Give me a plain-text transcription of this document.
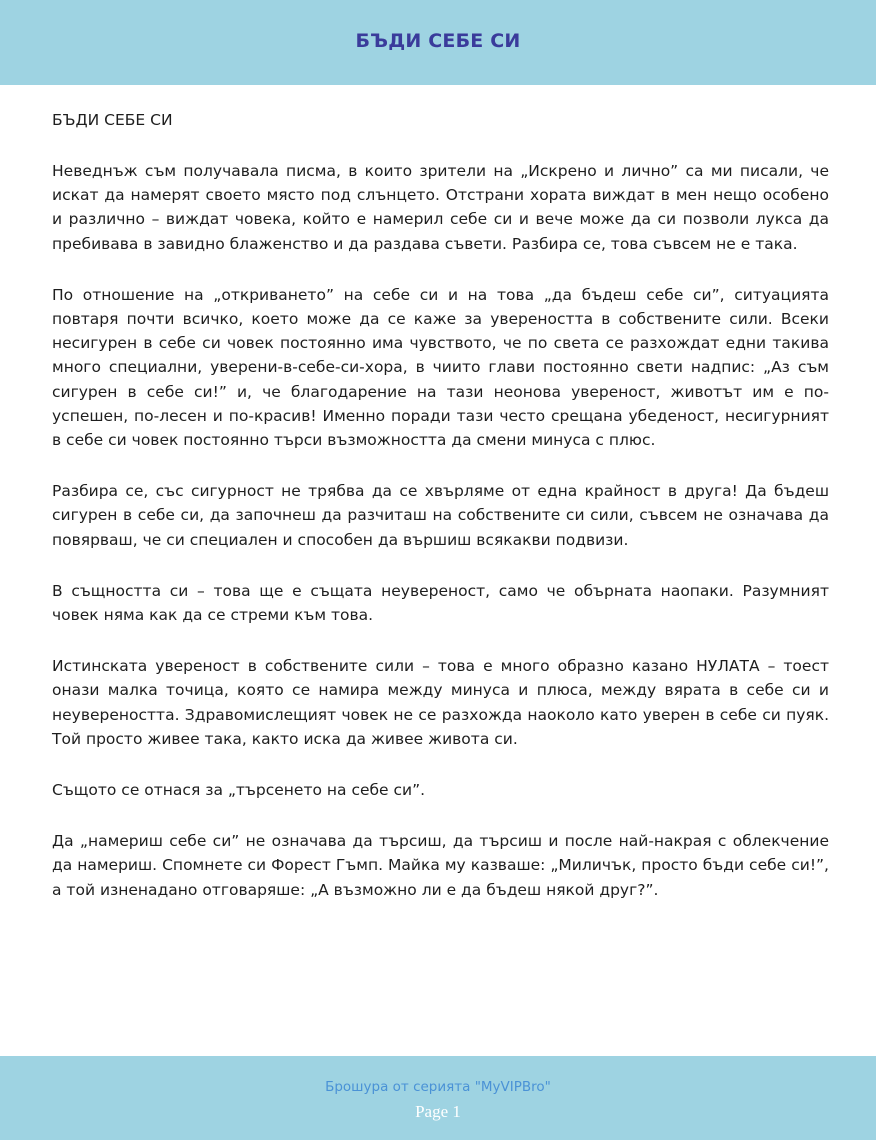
БЪДИ СЕБЕ СИ
БЪДИ СЕБЕ СИ

Неведнъж съм получавала писма, в които зрители на „Искрено и лично” са ми писали, че искат да намерят своето място под слънцето. Отстрани хората виждат в мен нещо особено и различно – виждат човека, който е намерил себе си и вече може да си позволи лукса да пребивава в завидно блаженство и да раздава съвети. Разбира се, това съвсем не е така.

По отношение на „откриването” на себе си и на това „да бъдеш себе си”, ситуацията повтаря почти всичко, което може да се каже за увереността в собствените сили. Всеки несигурен в себе си човек постоянно има чувството, че по света се разхождат едни такива много специални, уверени-в-себе-си-хора, в чиито глави постоянно свети надпис: „Аз съм сигурен в себе си!” и, че благодарение на тази неонова увереност, животът им е по-успешен, по-лесен и по-красив! Именно поради тази често срещана убеденост, несигурният в себе си човек постоянно търси възможността да смени минуса с плюс.

Разбира се, със сигурност не трябва да се хвърляме от една крайност в друга! Да бъдеш сигурен в себе си, да започнеш да разчиташ на собствените си сили, съвсем не означава да повярваш, че си специален и способен да вършиш всякакви подвизи.

В същността си – това ще е същата неувереност, само че обърната наопаки. Разумният човек няма как да се стреми към това.

Истинската увереност в собствените сили – това е много образно казано НУЛАТА – тоест онази малка точица, която се намира между минуса и плюса, между вярата в себе си и неувереността. Здравомислещият човек не се разхожда наоколо като уверен в себе си пуяк. Той просто живее така, както иска да живее живота си.

Същото се отнася за „търсенето на себе си”.

Да „намериш себе си” не означава да търсиш, да търсиш и после най-накрая с облекчение да намериш. Спомнете си Форест Гъмп. Майка му казваше: „Миличък, просто бъди себе си!”, а той изненадано отговаряше: „А възможно ли е да бъдеш някой друг?”.

Брошура от серията "MyVIPBro"
Page 1
